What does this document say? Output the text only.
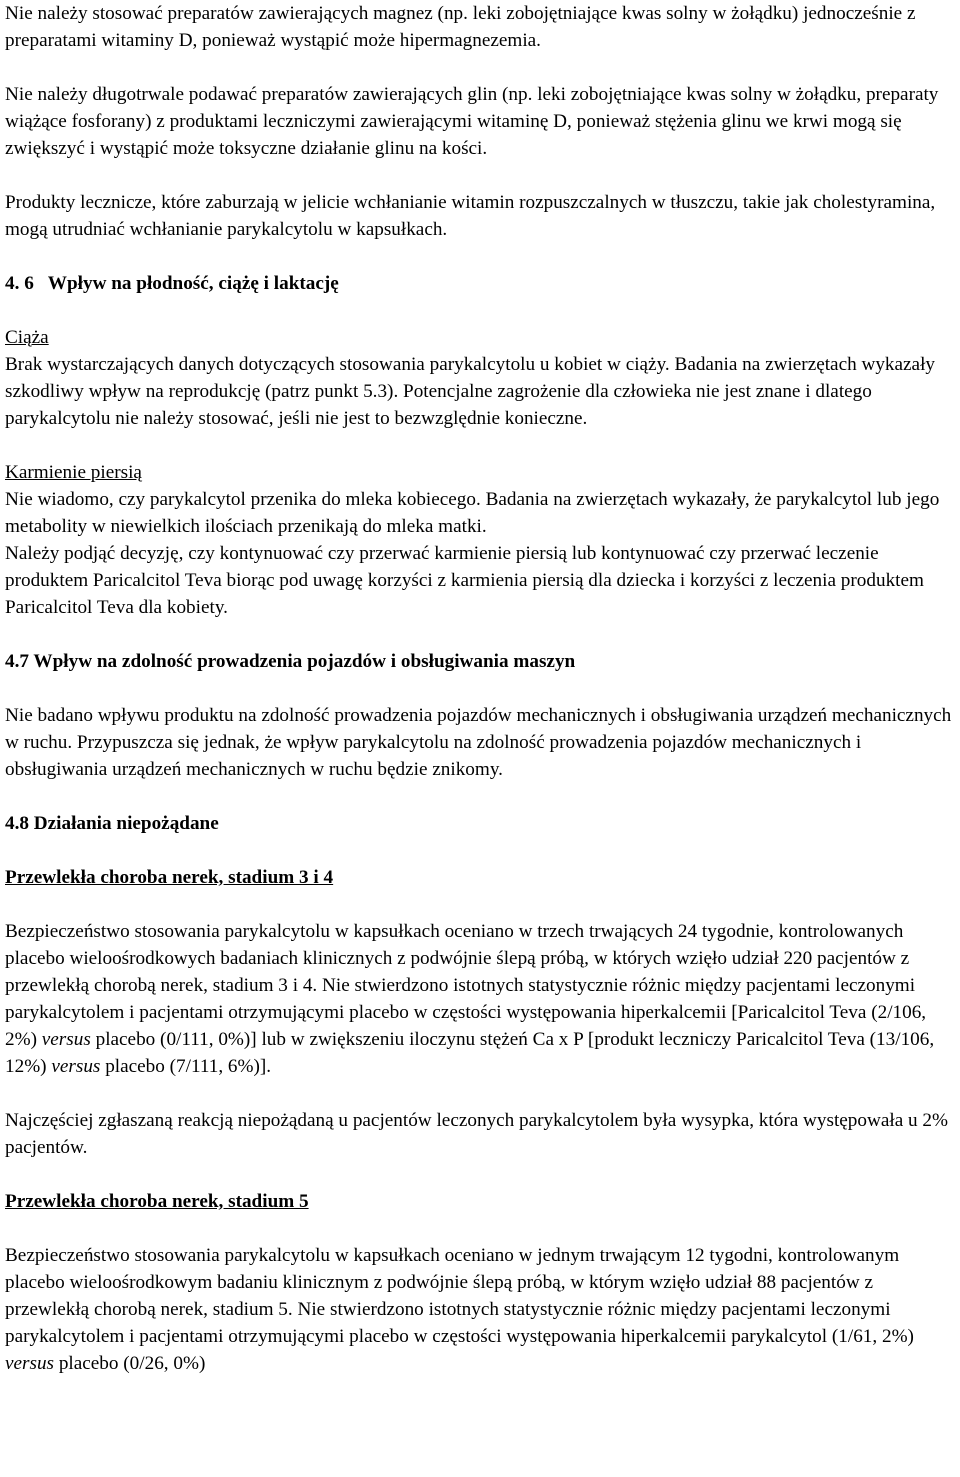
Nie należy stosować preparatów zawierających magnez (np. leki zobojętniające kwas solny w żołądku) jednocześnie z preparatami witaminy D, ponieważ wystąpić może hipermagnezemia.

Nie należy długotrwale podawać preparatów zawierających glin (np. leki zobojętniające kwas solny w żołądku, preparaty wiążące fosforany) z produktami leczniczymi zawierającymi witaminę D, ponieważ stężenia glinu we krwi mogą się zwiększyć i wystąpić może toksyczne działanie glinu na kości.

Produkty lecznicze, które zaburzają w jelicie wchłanianie witamin rozpuszczalnych w tłuszczu, takie jak cholestyramina, mogą utrudniać wchłanianie parykalcytolu w kapsułkach.

4. 6 Wpływ na płodność, ciążę i laktację

Ciąża

Brak wystarczających danych dotyczących stosowania parykalcytolu u kobiet w ciąży. Badania na zwierzętach wykazały szkodliwy wpływ na reprodukcję (patrz punkt 5.3). Potencjalne zagrożenie dla człowieka nie jest znane i dlatego parykalcytolu nie należy stosować, jeśli nie jest to bezwzględnie konieczne.

Karmienie piersią

Nie wiadomo, czy parykalcytol przenika do mleka kobiecego. Badania na zwierzętach wykazały, że parykalcytol lub jego metabolity w niewielkich ilościach przenikają do mleka matki.

Należy podjąć decyzję, czy kontynuować czy przerwać karmienie piersią lub kontynuować czy przerwać leczenie produktem Paricalcitol Teva biorąc pod uwagę korzyści z karmienia piersią dla dziecka i korzyści z leczenia produktem Paricalcitol Teva dla kobiety.

4.7 Wpływ na zdolność prowadzenia pojazdów i obsługiwania maszyn

Nie badano wpływu produktu na zdolność prowadzenia pojazdów mechanicznych i obsługiwania urządzeń mechanicznych w ruchu. Przypuszcza się jednak, że wpływ parykalcytolu na zdolność prowadzenia pojazdów mechanicznych i obsługiwania urządzeń mechanicznych w ruchu będzie znikomy.

4.8 Działania niepożądane

Przewlekła choroba nerek, stadium 3 i 4

Bezpieczeństwo stosowania parykalcytolu w kapsułkach oceniano w trzech trwających 24 tygodnie, kontrolowanych placebo wieloośrodkowych badaniach klinicznych z podwójnie ślepą próbą, w których wzięło udział 220 pacjentów z przewlekłą chorobą nerek, stadium 3 i 4. Nie stwierdzono istotnych statystycznie różnic między pacjentami leczonymi parykalcytolem i pacjentami otrzymującymi placebo w częstości występowania hiperkalcemii [Paricalcitol Teva (2/106, 2%) versus placebo (0/111, 0%)] lub w zwiększeniu iloczynu stężeń Ca x P [produkt leczniczy Paricalcitol Teva (13/106, 12%) versus placebo (7/111, 6%)].

Najczęściej zgłaszaną reakcją niepożądaną u pacjentów leczonych parykalcytolem była wysypka, która występowała u 2% pacjentów.

Przewlekła choroba nerek, stadium 5

Bezpieczeństwo stosowania parykalcytolu w kapsułkach oceniano w jednym trwającym 12 tygodni, kontrolowanym placebo wieloośrodkowym badaniu klinicznym z podwójnie ślepą próbą, w którym wzięło udział 88 pacjentów z przewlekłą chorobą nerek, stadium 5. Nie stwierdzono istotnych statystycznie różnic między pacjentami leczonymi parykalcytolem i pacjentami otrzymującymi placebo w częstości występowania hiperkalcemii parykalcytol (1/61, 2%) versus placebo (0/26, 0%)
